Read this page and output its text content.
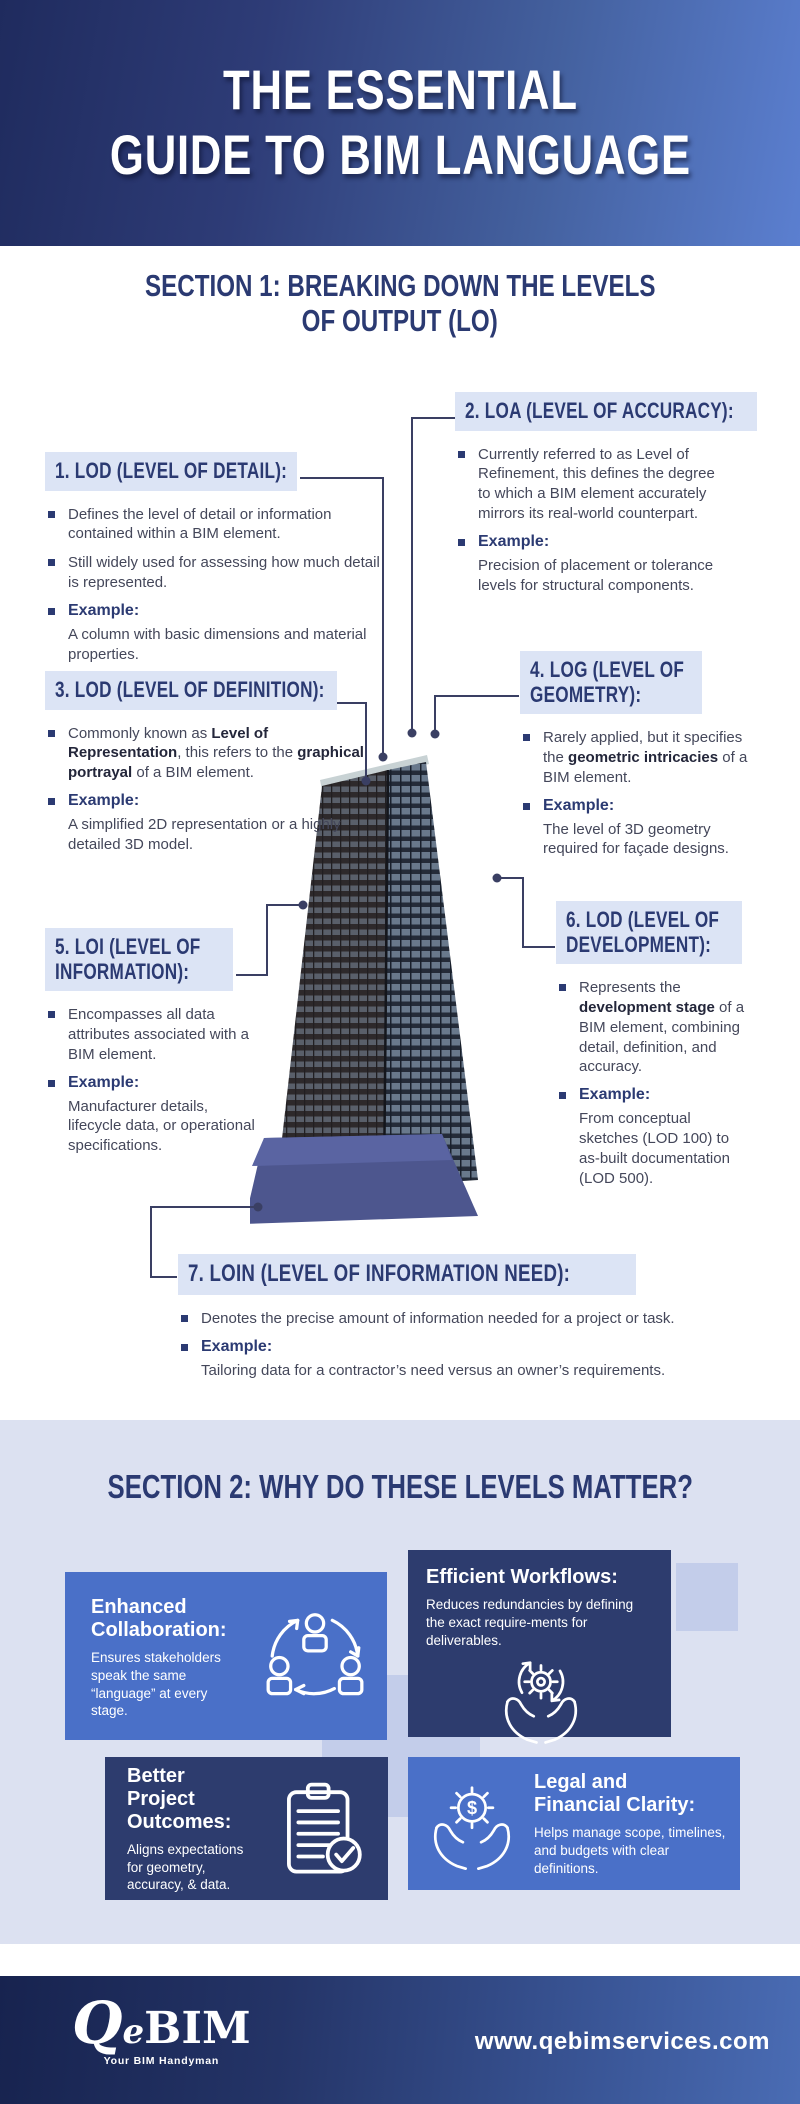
THE ESSENTIAL
GUIDE TO BIM LANGUAGE
SECTION 1: BREAKING DOWN THE LEVELS
OF OUTPUT (LO)
1. LOD (LEVEL OF DETAIL):
Defines the level of detail or information contained within a BIM element.
Still widely used for assessing how much detail is represented.
Example:
A column with basic dimensions and material properties.
2. LOA (LEVEL OF ACCURACY):
Currently referred to as Level of Refinement, this defines the degree to which a BIM element accurately mirrors its real-world counterpart.
Example:
Precision of placement or tolerance levels for structural components.
3. LOD (LEVEL OF DEFINITION):
Commonly known as Level of Representation, this refers to the graphical portrayal of a BIM element.
Example:
A simplified 2D representation or a highly detailed 3D model.
4. LOG (LEVEL OF
GEOMETRY):
Rarely applied, but it specifies the geometric intricacies of a BIM element.
Example:
The level of 3D geometry required for façade designs.
5. LOI (LEVEL OF
INFORMATION):
Encompasses all data attributes associated with a BIM element.
Example:
Manufacturer details, lifecycle data, or operational specifications.
6. LOD (LEVEL OF
DEVELOPMENT):
Represents the development stage of a BIM element, combining detail, definition, and accuracy.
Example:
From conceptual sketches (LOD 100) to as-built documentation (LOD 500).
7. LOIN (LEVEL OF INFORMATION NEED):
Denotes the precise amount of information needed for a project or task.
Example:
Tailoring data for a contractor’s need versus an owner’s requirements.
SECTION 2: WHY DO THESE LEVELS MATTER?
Enhanced
Collaboration:

Ensures stakeholders speak the same “language” at every stage.

Efficient Workflows:

Reduces redundancies by defining the exact require-ments for deliverables.

Better Project
Outcomes:

Aligns expectations for geometry, accuracy, & data.

$
Legal and
Financial Clarity:

Helps manage scope, timelines, and budgets with clear definitions.

QeBIM
Your BIM Handyman
www.qebimservices.com
